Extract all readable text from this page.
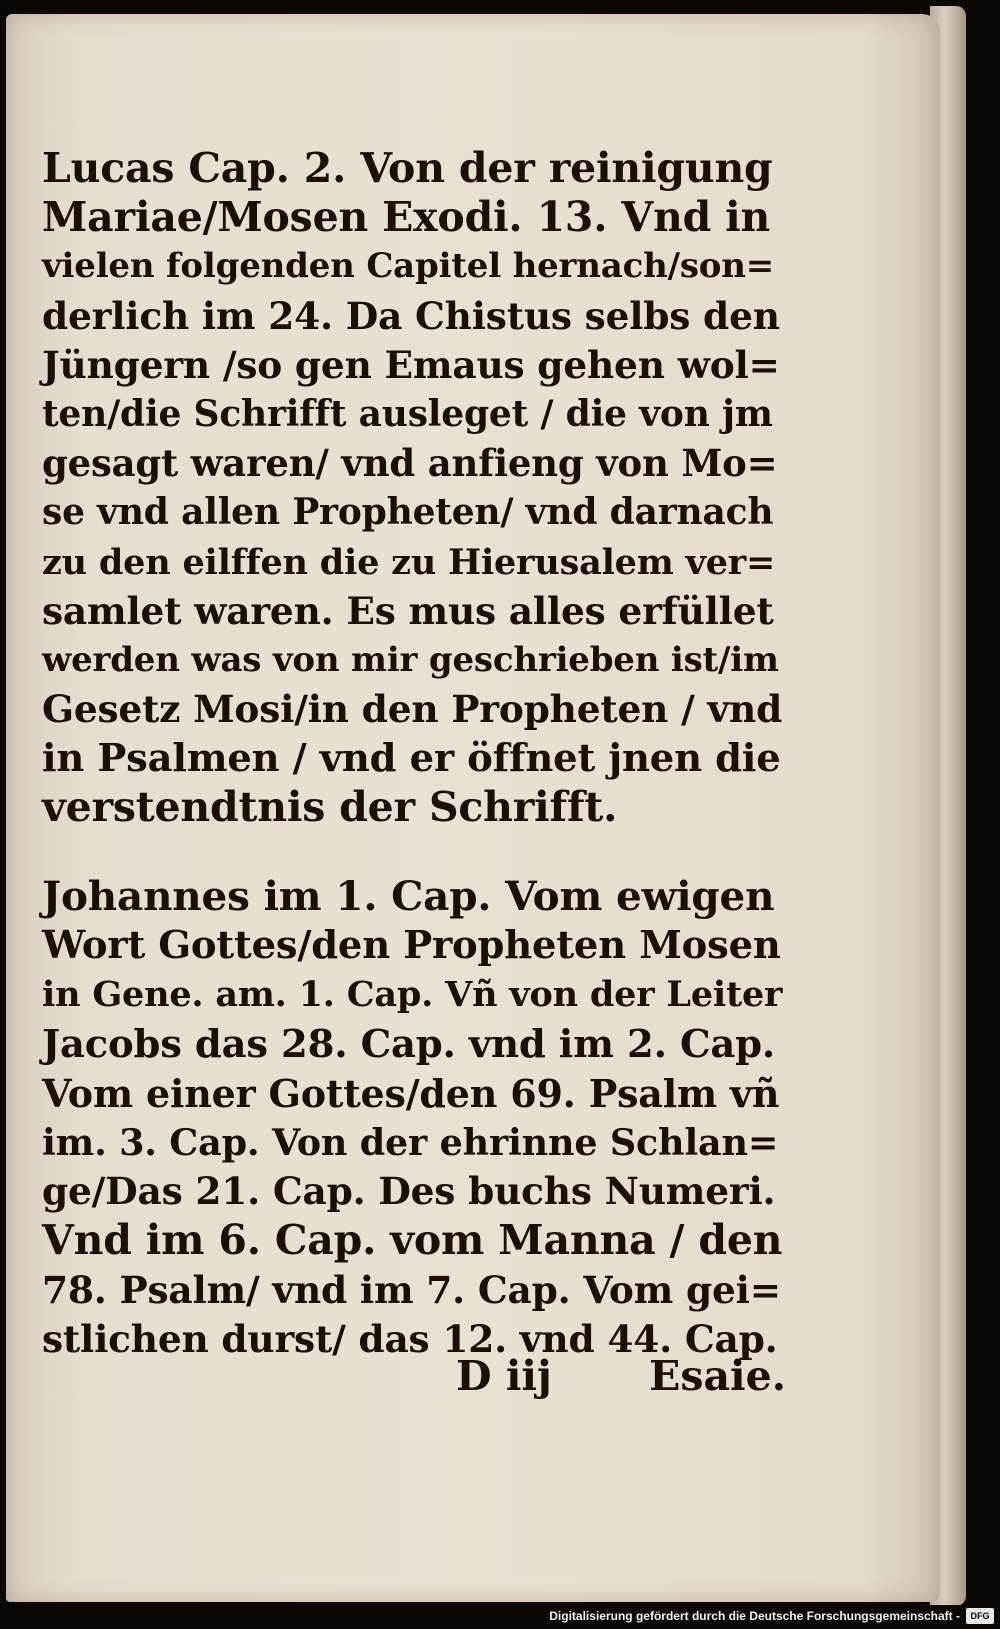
Lucas Cap. 2. Von der reinigung
Mariae/Mosen Exodi. 13. Vnd in
vielen folgenden Capitel hernach/son=
derlich im 24. Da Chistus selbs den
Jüngern /so gen Emaus gehen wol=
ten/die Schrifft ausleget / die von jm
gesagt waren/ vnd anfieng von Mo=
se vnd allen Propheten/ vnd darnach
zu den eilffen die zu Hierusalem ver=
samlet waren. Es mus alles erfüllet
werden was von mir geschrieben ist/im
Gesetz Mosi/in den Propheten / vnd
in Psalmen / vnd er öffnet jnen die
verstendtnis der Schrifft.
Johannes im 1. Cap. Vom ewigen
Wort Gottes/den Propheten Mosen
in Gene. am. 1. Cap. Vñ von der Leiter
Jacobs das 28. Cap. vnd im 2. Cap.
Vom einer Gottes/den 69. Psalm vñ
im. 3. Cap. Von der ehrinne Schlan=
ge/Das 21. Cap. Des buchs Numeri.
Vnd im 6. Cap. vom Manna / den
78. Psalm/ vnd im 7. Cap. Vom gei=
stlichen durst/ das 12. vnd 44. Cap.
D iij Esaie.
Digitalisierung gefördert durch die Deutsche Forschungsgemeinschaft -	DFG
